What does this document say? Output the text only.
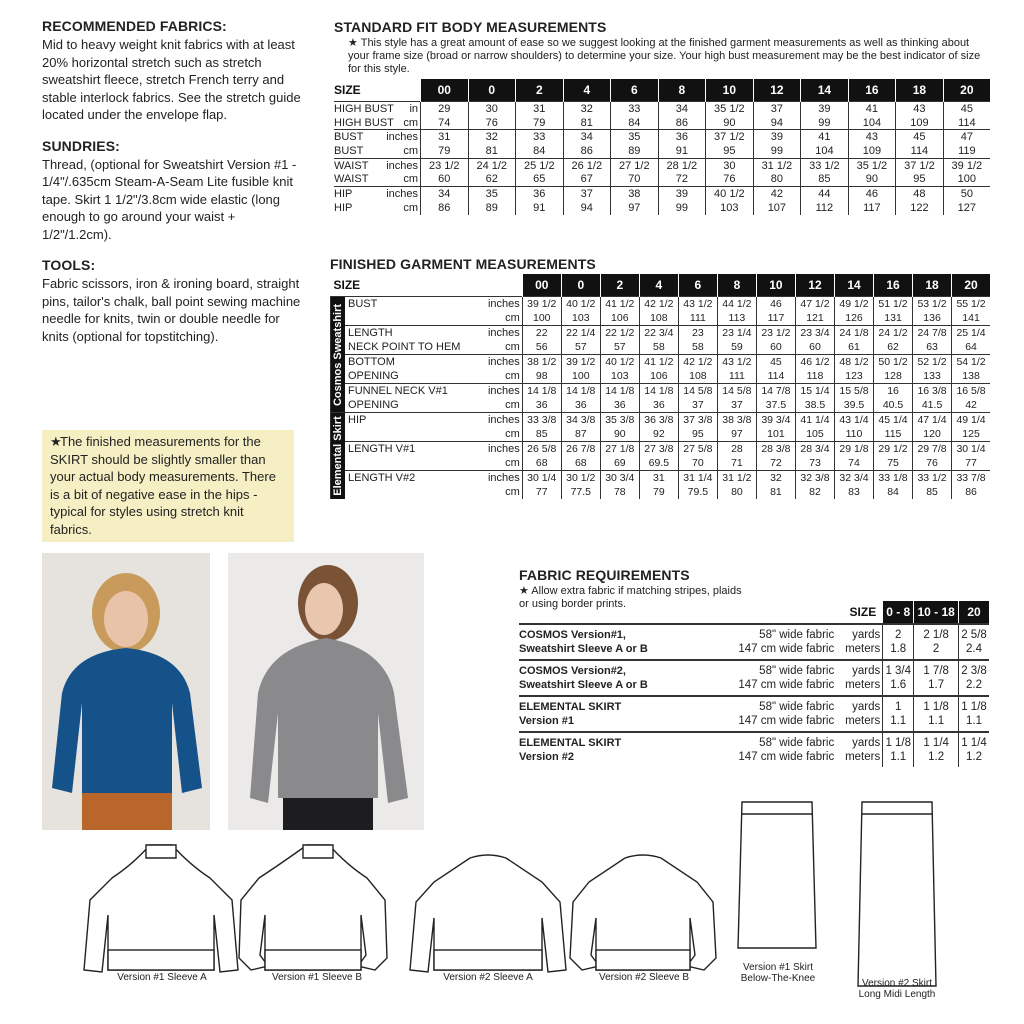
RECOMMENDED FABRICS:

Mid to heavy weight knit fabrics with at least 20% horizontal stretch such as stretch sweatshirt fleece, stretch French terry and stable interlock fabrics. See the stretch guide located under the envelope flap.

SUNDRIES:

Thread, (optional for Sweatshirt Version #1 - 1/4"/.635cm Steam-A-Seam Lite fusible knit tape. Skirt 1 1/2"/3.8cm wide elastic (long enough to go around your waist + 1/2"/1.2cm).

TOOLS:

Fabric scissors, iron & ironing board, straight pins, tailor's chalk, ball point sewing machine needle for knits, twin or double needle for knits (optional for topstitching).

★The finished measurements for the SKIRT should be slightly smaller than your actual body measurements. There is a bit of negative ease in the hips - typical for styles using stretch knit fabrics.

STANDARD FIT BODY MEASUREMENTS

★ This style has a great amount of ease so we suggest looking at the finished garment measurements as well as thinking about your frame size (broad or narrow shoulders) to determine your size. Your high bust measurement may be the best indicator of size for this style.

SIZE	00	0	2	4	6	8	10	12	14	16	18	20

HIGH BUST in	29	30	31	32	33	34	35 1/2	37	39	41	43	45

HIGH BUST cm	74	76	79	81	84	86	90	94	99	104	109	114

BUST inches	31	32	33	34	35	36	37 1/2	39	41	43	45	47

BUST cm	79	81	84	86	89	91	95	99	104	109	114	119

WAIST inches	23 1/2	24 1/2	25 1/2	26 1/2	27 1/2	28 1/2	30	31 1/2	33 1/2	35 1/2	37 1/2	39 1/2

WAIST cm	60	62	65	67	70	72	76	80	85	90	95	100

HIP inches	34	35	36	37	38	39	40 1/2	42	44	46	48	50

HIP cm	86	89	91	94	97	99	103	107	112	117	122	127

FINISHED GARMENT MEASUREMENTS

SIZE		00	0	2	4	6	8	10	12	14	16	18	20

Cosmos Sweatshirt	BUST inches	39 1/2	40 1/2	41 1/2	42 1/2	43 1/2	44 1/2	46	47 1/2	49 1/2	51 1/2	53 1/2	55 1/2

	cm	100	103	106	108	111	113	117	121	126	131	136	141

	LENGTH inches	22	22 1/4	22 1/2	22 3/4	23	23 1/4	23 1/2	23 3/4	24 1/8	24 1/2	24 7/8	25 1/4

	NECK POINT TO HEM cm	56	57	57	58	58	59	60	60	61	62	63	64

	BOTTOM inches	38 1/2	39 1/2	40 1/2	41 1/2	42 1/2	43 1/2	45	46 1/2	48 1/2	50 1/2	52 1/2	54 1/2

	OPENING cm	98	100	103	106	108	111	114	118	123	128	133	138

	FUNNEL NECK V#1 inches	14 1/8	14 1/8	14 1/8	14 1/8	14 5/8	14 5/8	14 7/8	15 1/4	15 5/8	16	16 3/8	16 5/8

	OPENING cm	36	36	36	36	37	37	37.5	38.5	39.5	40.5	41.5	42

Elemental Skirt	HIP inches	33 3/8	34 3/8	35 3/8	36 3/8	37 3/8	38 3/8	39 3/4	41 1/4	43 1/4	45 1/4	47 1/4	49 1/4

	cm	85	87	90	92	95	97	101	105	110	115	120	125

	LENGTH V#1 inches	26 5/8	26 7/8	27 1/8	27 3/8	27 5/8	28	28 3/8	28 3/4	29 1/8	29 1/2	29 7/8	30 1/4

	cm	68	68	69	69.5	70	71	72	73	74	75	76	77

	LENGTH V#2 inches	30 1/4	30 1/2	30 3/4	31	31 1/4	31 1/2	32	32 3/8	32 3/4	33 1/8	33 1/2	33 7/8

	cm	77	77.5	78	79	79.5	80	81	82	83	84	85	86

FABRIC REQUIREMENTS

★ Allow extra fabric if matching stripes, plaids or using border prints.

		SIZE	0 - 8	10 - 18	20
COSMOS Version#1,	58" wide fabric	yards	2	2 1/8	2 5/8
Sweatshirt Sleeve A or B	147 cm wide fabric	meters	1.8	2	2.4
COSMOS Version#2,	58" wide fabric	yards	1 3/4	1 7/8	2 3/8
Sweatshirt Sleeve A or B	147 cm wide fabric	meters	1.6	1.7	2.2
ELEMENTAL SKIRT	58" wide fabric	yards	1	1 1/8	1 1/8
Version #1	147 cm wide fabric	meters	1.1	1.1	1.1
ELEMENTAL SKIRT	58" wide fabric	yards	1 1/8	1 1/4	1 1/4
Version #2	147 cm wide fabric	meters	1.1	1.2	1.2
Version #1 Sleeve A	Version #1 Sleeve B	Version #2 Sleeve A	Version #2 Sleeve B
Version #1 Skirt
Below-The-Knee	Version #2 Skirt
Long Midi Length
